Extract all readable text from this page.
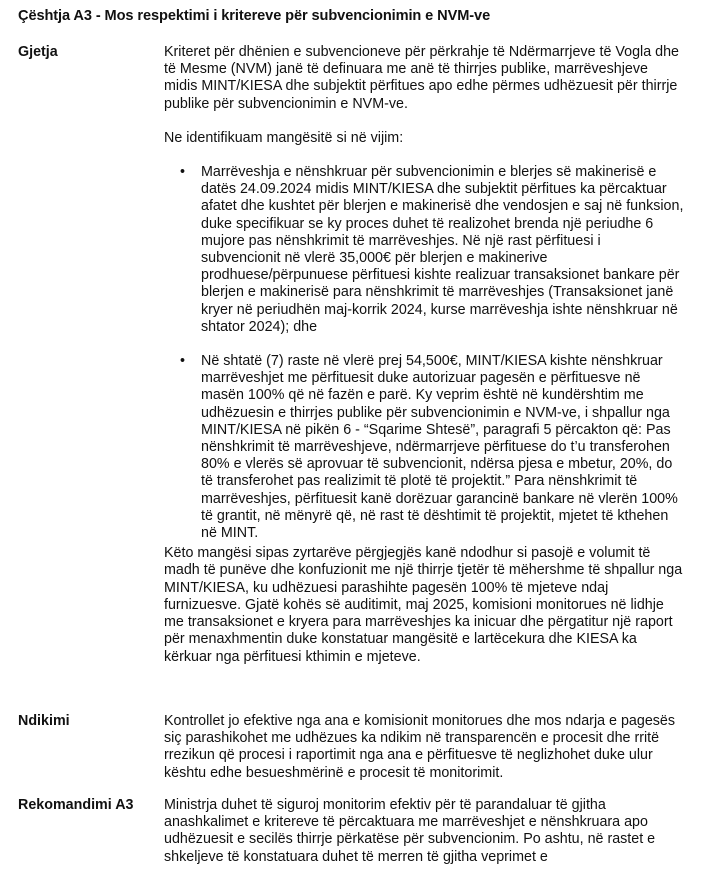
Çështja A3 - Mos respektimi i kritereve për subvencionimin e NVM-ve
Gjetja	Kriteret për dhënien e subvencioneve për përkrahje të Ndërmarrjeve të Vogla dhe të Mesme (NVM) janë të definuara me anë të thirrjes publike, marrëveshjeve midis MINT/KIESA dhe subjektit përfitues apo edhe përmes udhëzuesit për thirrje publike për subvencionimin e NVM-ve.

Ne identifikuam mangësitë si në vijim:

• Marrëveshja e nënshkruar për subvencionimin e blerjes së makinerisë e datës 24.09.2024 midis MINT/KIESA dhe subjektit përfitues ka përcaktuar afatet dhe kushtet për blerjen e makinerisë dhe vendosjen e saj në funksion, duke specifikuar se ky proces duhet të realizohet brenda një periudhe 6 mujore pas nënshkrimit të marrëveshjes. Në një rast përfituesi i subvencionit në vlerë 35,000€ për blerjen e makinerive prodhuese/përpunuese përfituesi kishte realizuar transaksionet bankare për blerjen e makinerisë para nënshkrimit të marrëveshjes (Transaksionet janë kryer në periudhën maj-korrik 2024, kurse marrëveshja ishte nënshkruar në shtator 2024); dhe
• Në shtatë (7) raste në vlerë prej 54,500€, MINT/KIESA kishte nënshkruar marrëveshjet me përfituesit duke autorizuar pagesën e përfituesve në masën 100% që në fazën e parë. Ky veprim është në kundërshtim me udhëzuesin e thirrjes publike për subvencionimin e NVM-ve, i shpallur nga MINT/KIESA në pikën 6 - “Sqarime Shtesë”, paragrafi 5 përcakton që: Pas nënshkrimit të marrëveshjeve, ndërmarrjeve përfituese do t’u transferohen 80% e vlerës së aprovuar të subvencionit, ndërsa pjesa e mbetur, 20%, do të transferohet pas realizimit të plotë të projektit.” Para nënshkrimit të marrëveshjes, përfituesit kanë dorëzuar garancinë bankare në vlerën 100% të grantit, në mënyrë që, në rast të dështimit të projektit, mjetet të kthehen në MINT.

Këto mangësi sipas zyrtarëve përgjegjës kanë ndodhur si pasojë e volumit të madh të punëve dhe konfuzionit me një thirrje tjetër të mëhershme të shpallur nga MINT/KIESA, ku udhëzuesi parashihte pagesën 100% të mjeteve ndaj furnizuesve. Gjatë kohës së auditimit, maj 2025, komisioni monitorues në lidhje me transaksionet e kryera para marrëveshjes ka inicuar dhe përgatitur një raport për menaxhmentin duke konstatuar mangësitë e lartëcekura dhe KIESA ka kërkuar nga përfituesi kthimin e mjeteve.

Ndikimi	Kontrollet jo efektive nga ana e komisionit monitorues dhe mos ndarja e pagesës siç parashikohet me udhëzues ka ndikim në transparencën e procesit dhe rritë rrezikun që procesi i raportimit nga ana e përfituesve të neglizhohet duke ulur kështu edhe besueshmërinë e procesit të monitorimit.
Rekomandimi A3 Ministrja duhet të siguroj monitorim efektiv për të parandaluar të gjitha anashkalimet e kritereve të përcaktuara me marrëveshjet e nënshkruara apo udhëzuesit e secilës thirrje përkatëse për subvencionim. Po ashtu, në rastet e shkeljeve të konstatuara duhet të merren të gjitha veprimet e
